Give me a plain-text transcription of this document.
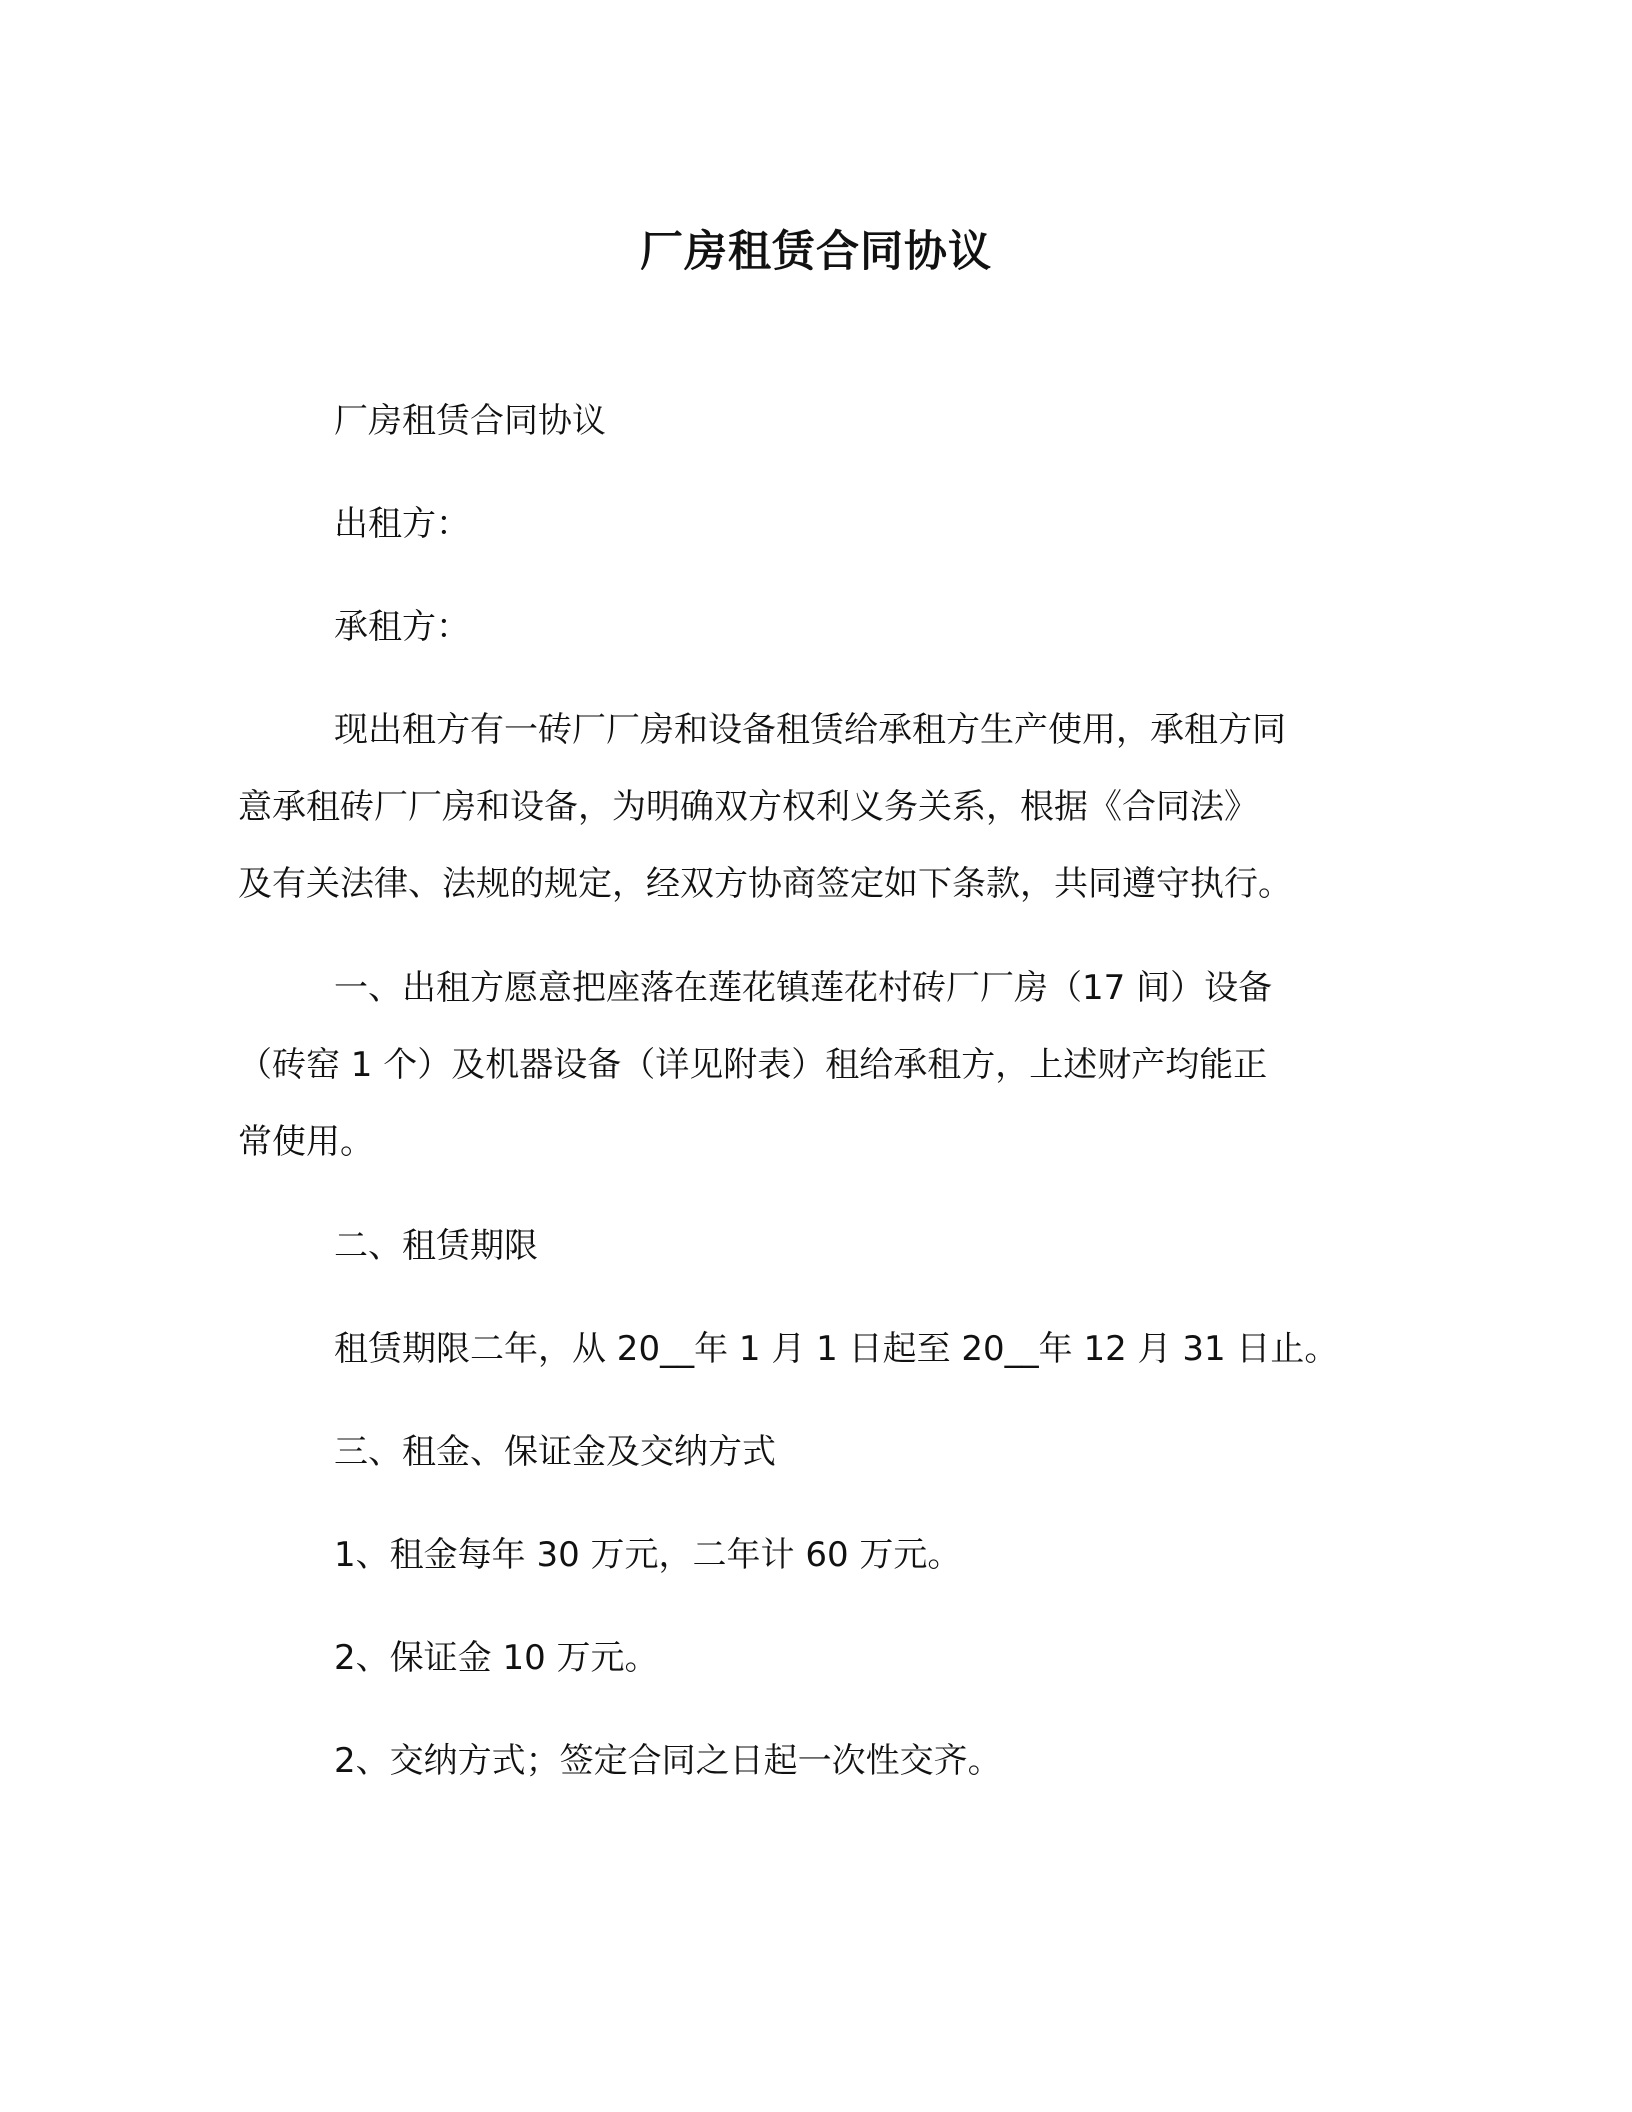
厂房租赁合同协议
厂房租赁合同协议
出租方：
承租方：
现出租方有一砖厂厂房和设备租赁给承租方生产使用，承租方同
意承租砖厂厂房和设备，为明确双方权利义务关系，根据《合同法》
及有关法律、法规的规定，经双方协商签定如下条款，共同遵守执行。
一、出租方愿意把座落在莲花镇莲花村砖厂厂房（17 间）设备
（砖窑 1 个）及机器设备（详见附表）租给承租方，上述财产均能正
常使用。
二、租赁期限
租赁期限二年，从 20__年 1 月 1 日起至 20__年 12 月 31 日止。
三、租金、保证金及交纳方式
1、租金每年 30 万元，二年计 60 万元。
2、保证金 10 万元。
2、交纳方式；签定合同之日起一次性交齐。
